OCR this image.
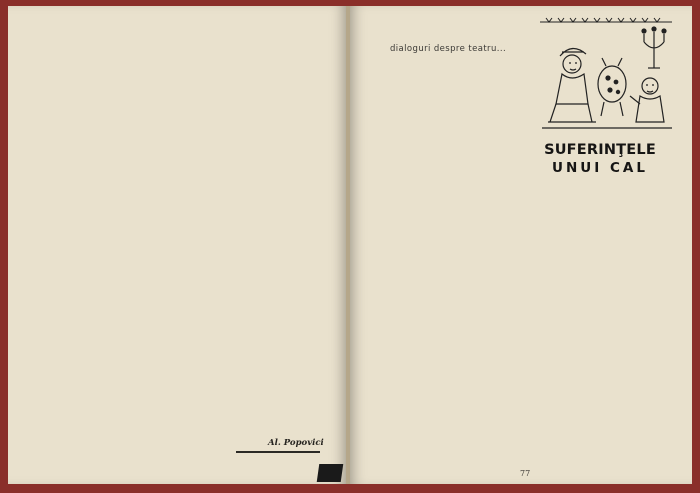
Al. Popovici
dialoguri despre teatru...
SUFERINŢELE
UNUI CAL
77
